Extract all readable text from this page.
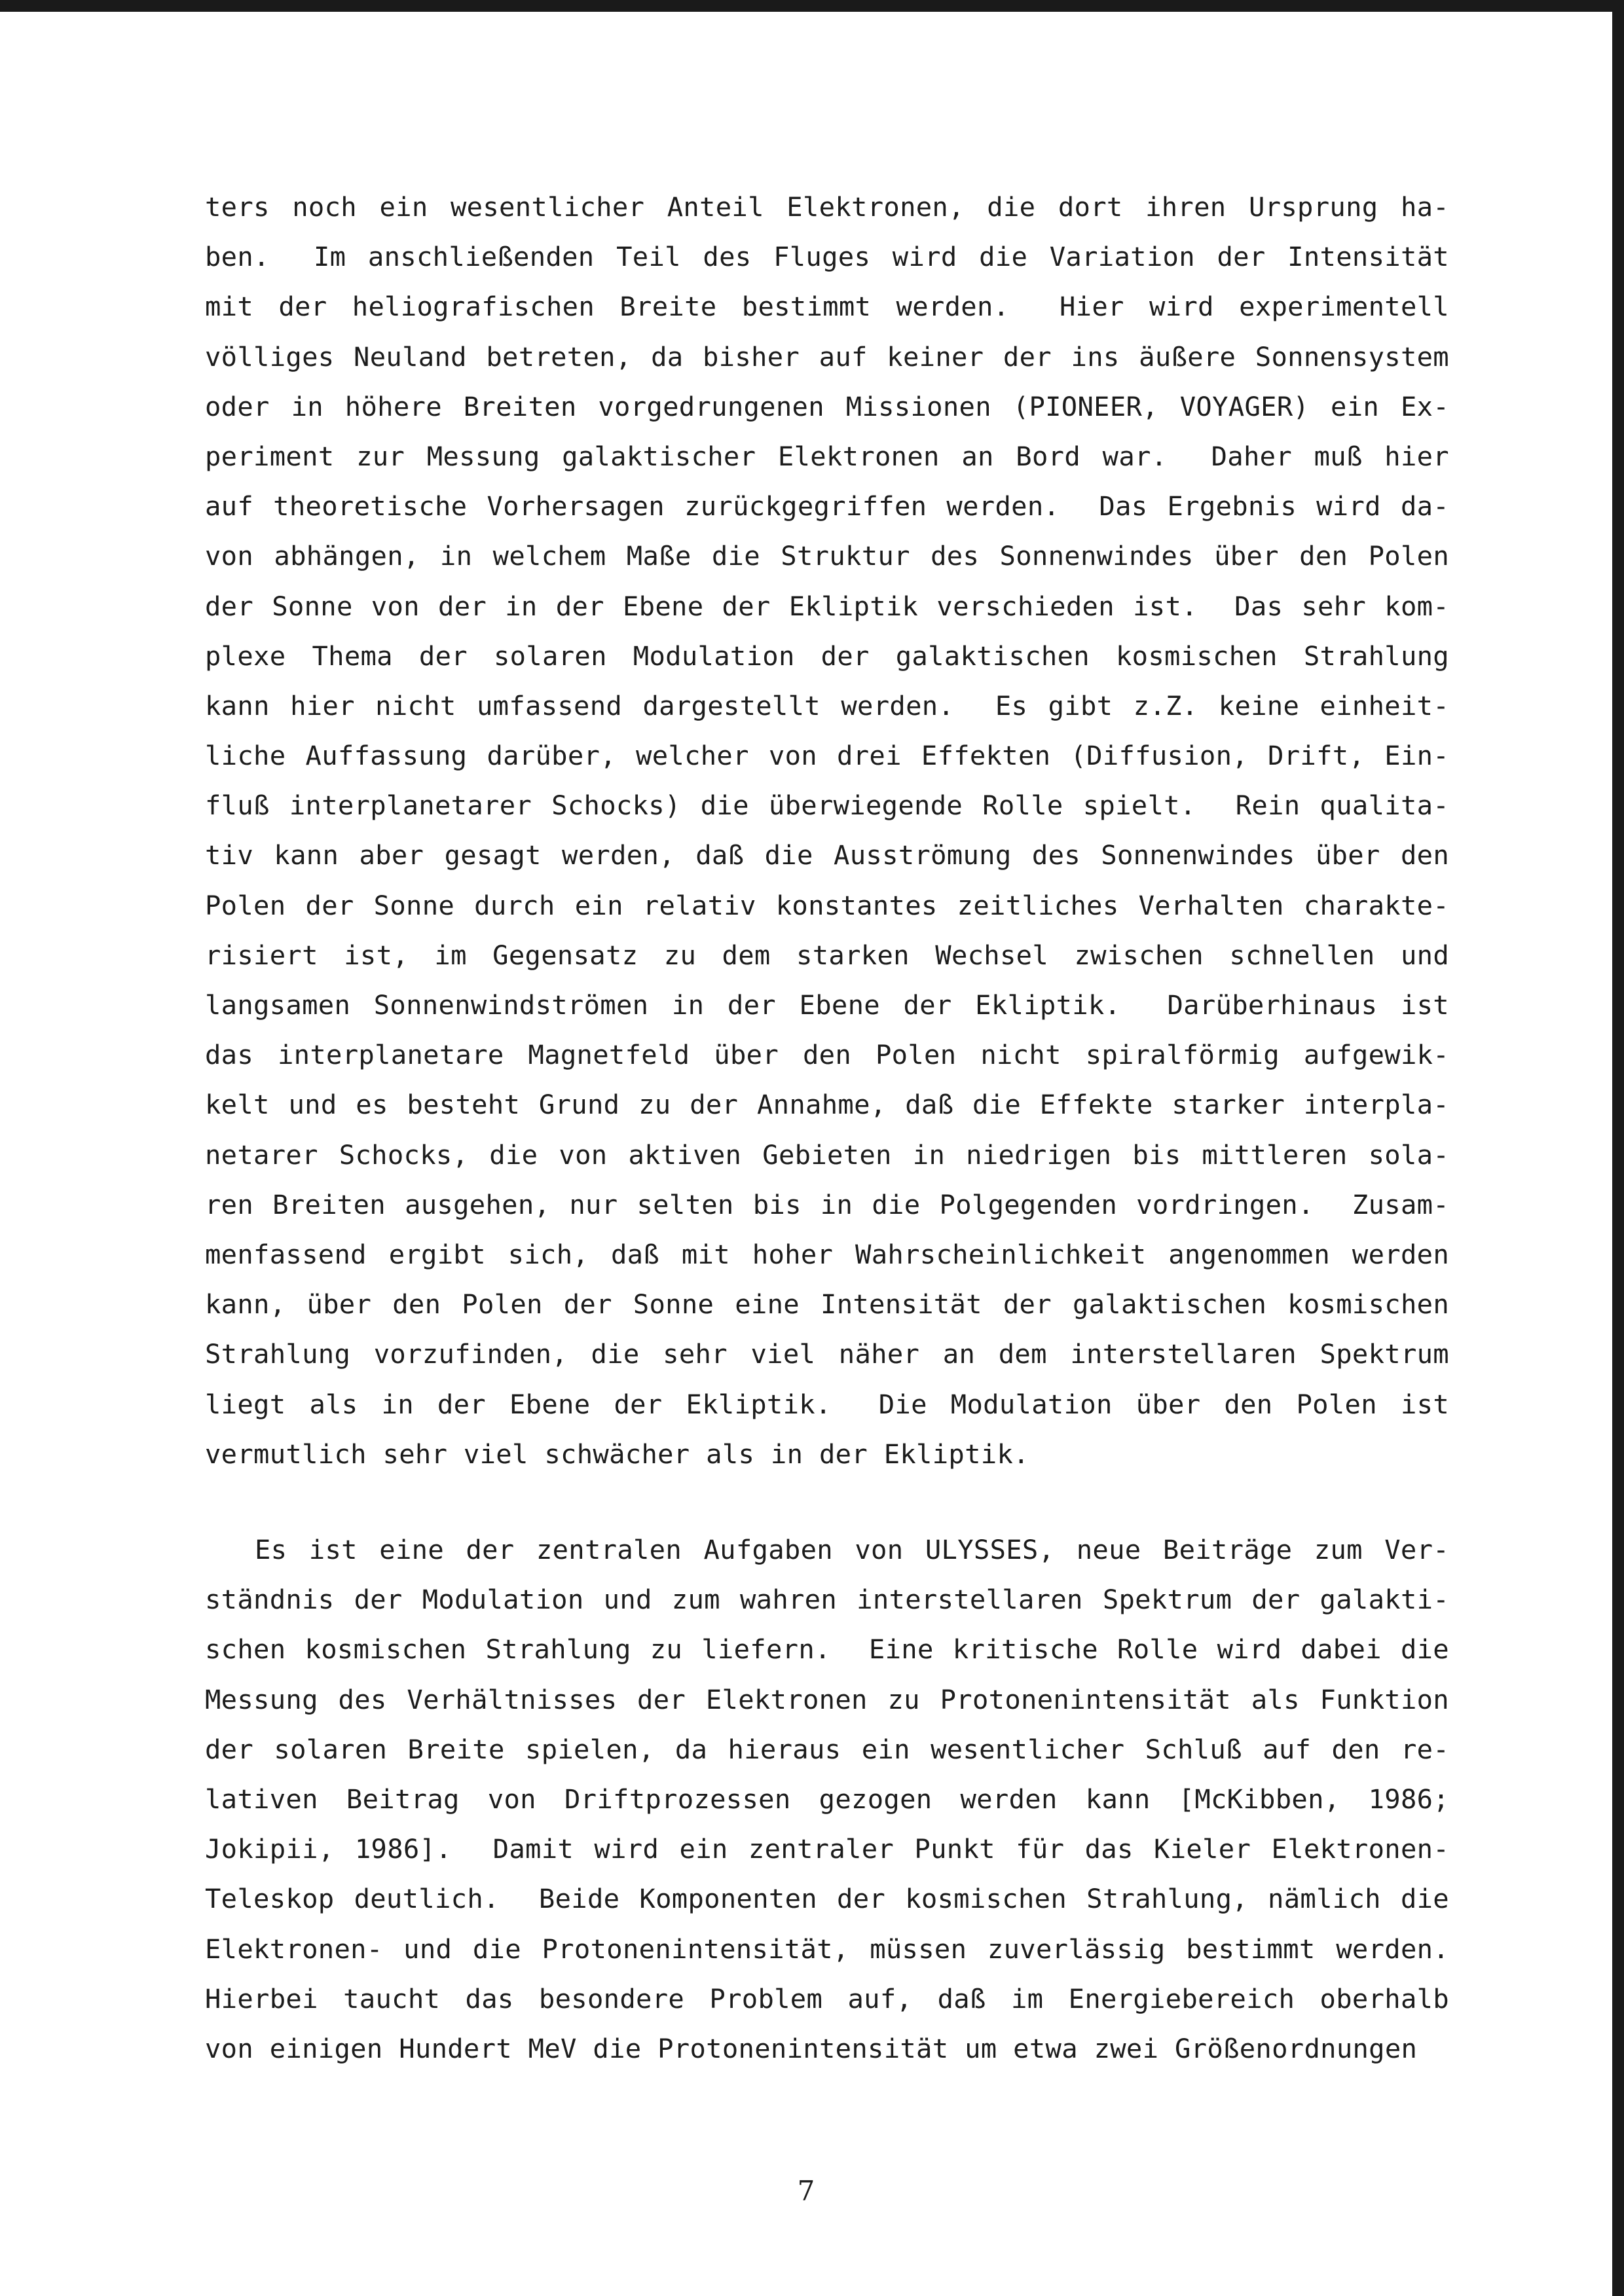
ters noch ein wesentlicher Anteil Elektronen, die dort ihren Ursprung ha-
ben.  Im anschließenden Teil des Fluges wird die Variation der Intensität
mit der heliografischen Breite bestimmt werden.  Hier wird experimentell
völliges Neuland betreten, da bisher auf keiner der ins äußere Sonnensystem
oder in höhere Breiten vorgedrungenen Missionen (PIONEER, VOYAGER) ein Ex-
periment zur Messung galaktischer Elektronen an Bord war.  Daher muß hier
auf theoretische Vorhersagen zurückgegriffen werden.  Das Ergebnis wird da-
von abhängen, in welchem Maße die Struktur des Sonnenwindes über den Polen
der Sonne von der in der Ebene der Ekliptik verschieden ist.  Das sehr kom-
plexe Thema der solaren Modulation der galaktischen kosmischen Strahlung
kann hier nicht umfassend dargestellt werden.  Es gibt z.Z. keine einheit-
liche Auffassung darüber, welcher von drei Effekten (Diffusion, Drift, Ein-
fluß interplanetarer Schocks) die überwiegende Rolle spielt.  Rein qualita-
tiv kann aber gesagt werden, daß die Ausströmung des Sonnenwindes über den
Polen der Sonne durch ein relativ konstantes zeitliches Verhalten charakte-
risiert ist, im Gegensatz zu dem starken Wechsel zwischen schnellen und
langsamen Sonnenwindströmen in der Ebene der Ekliptik.  Darüberhinaus ist
das interplanetare Magnetfeld über den Polen nicht spiralförmig aufgewik-
kelt und es besteht Grund zu der Annahme, daß die Effekte starker interpla-
netarer Schocks, die von aktiven Gebieten in niedrigen bis mittleren sola-
ren Breiten ausgehen, nur selten bis in die Polgegenden vordringen.  Zusam-
menfassend ergibt sich, daß mit hoher Wahrscheinlichkeit angenommen werden
kann, über den Polen der Sonne eine Intensität der galaktischen kosmischen
Strahlung vorzufinden, die sehr viel näher an dem interstellaren Spektrum
liegt als in der Ebene der Ekliptik.  Die Modulation über den Polen ist
vermutlich sehr viel schwächer als in der Ekliptik.
Es ist eine der zentralen Aufgaben von ULYSSES, neue Beiträge zum Ver-
ständnis der Modulation und zum wahren interstellaren Spektrum der galakti-
schen kosmischen Strahlung zu liefern.  Eine kritische Rolle wird dabei die
Messung des Verhältnisses der Elektronen zu Protonenintensität als Funktion
der solaren Breite spielen, da hieraus ein wesentlicher Schluß auf den re-
lativen Beitrag von Driftprozessen gezogen werden kann [McKibben, 1986;
Jokipii, 1986].  Damit wird ein zentraler Punkt für das Kieler Elektronen-
Teleskop deutlich.  Beide Komponenten der kosmischen Strahlung, nämlich die
Elektronen- und die Protonenintensität, müssen zuverlässig bestimmt werden.
Hierbei taucht das besondere Problem auf, daß im Energiebereich oberhalb
von einigen Hundert MeV die Protonenintensität um etwa zwei Größenordnungen
7
